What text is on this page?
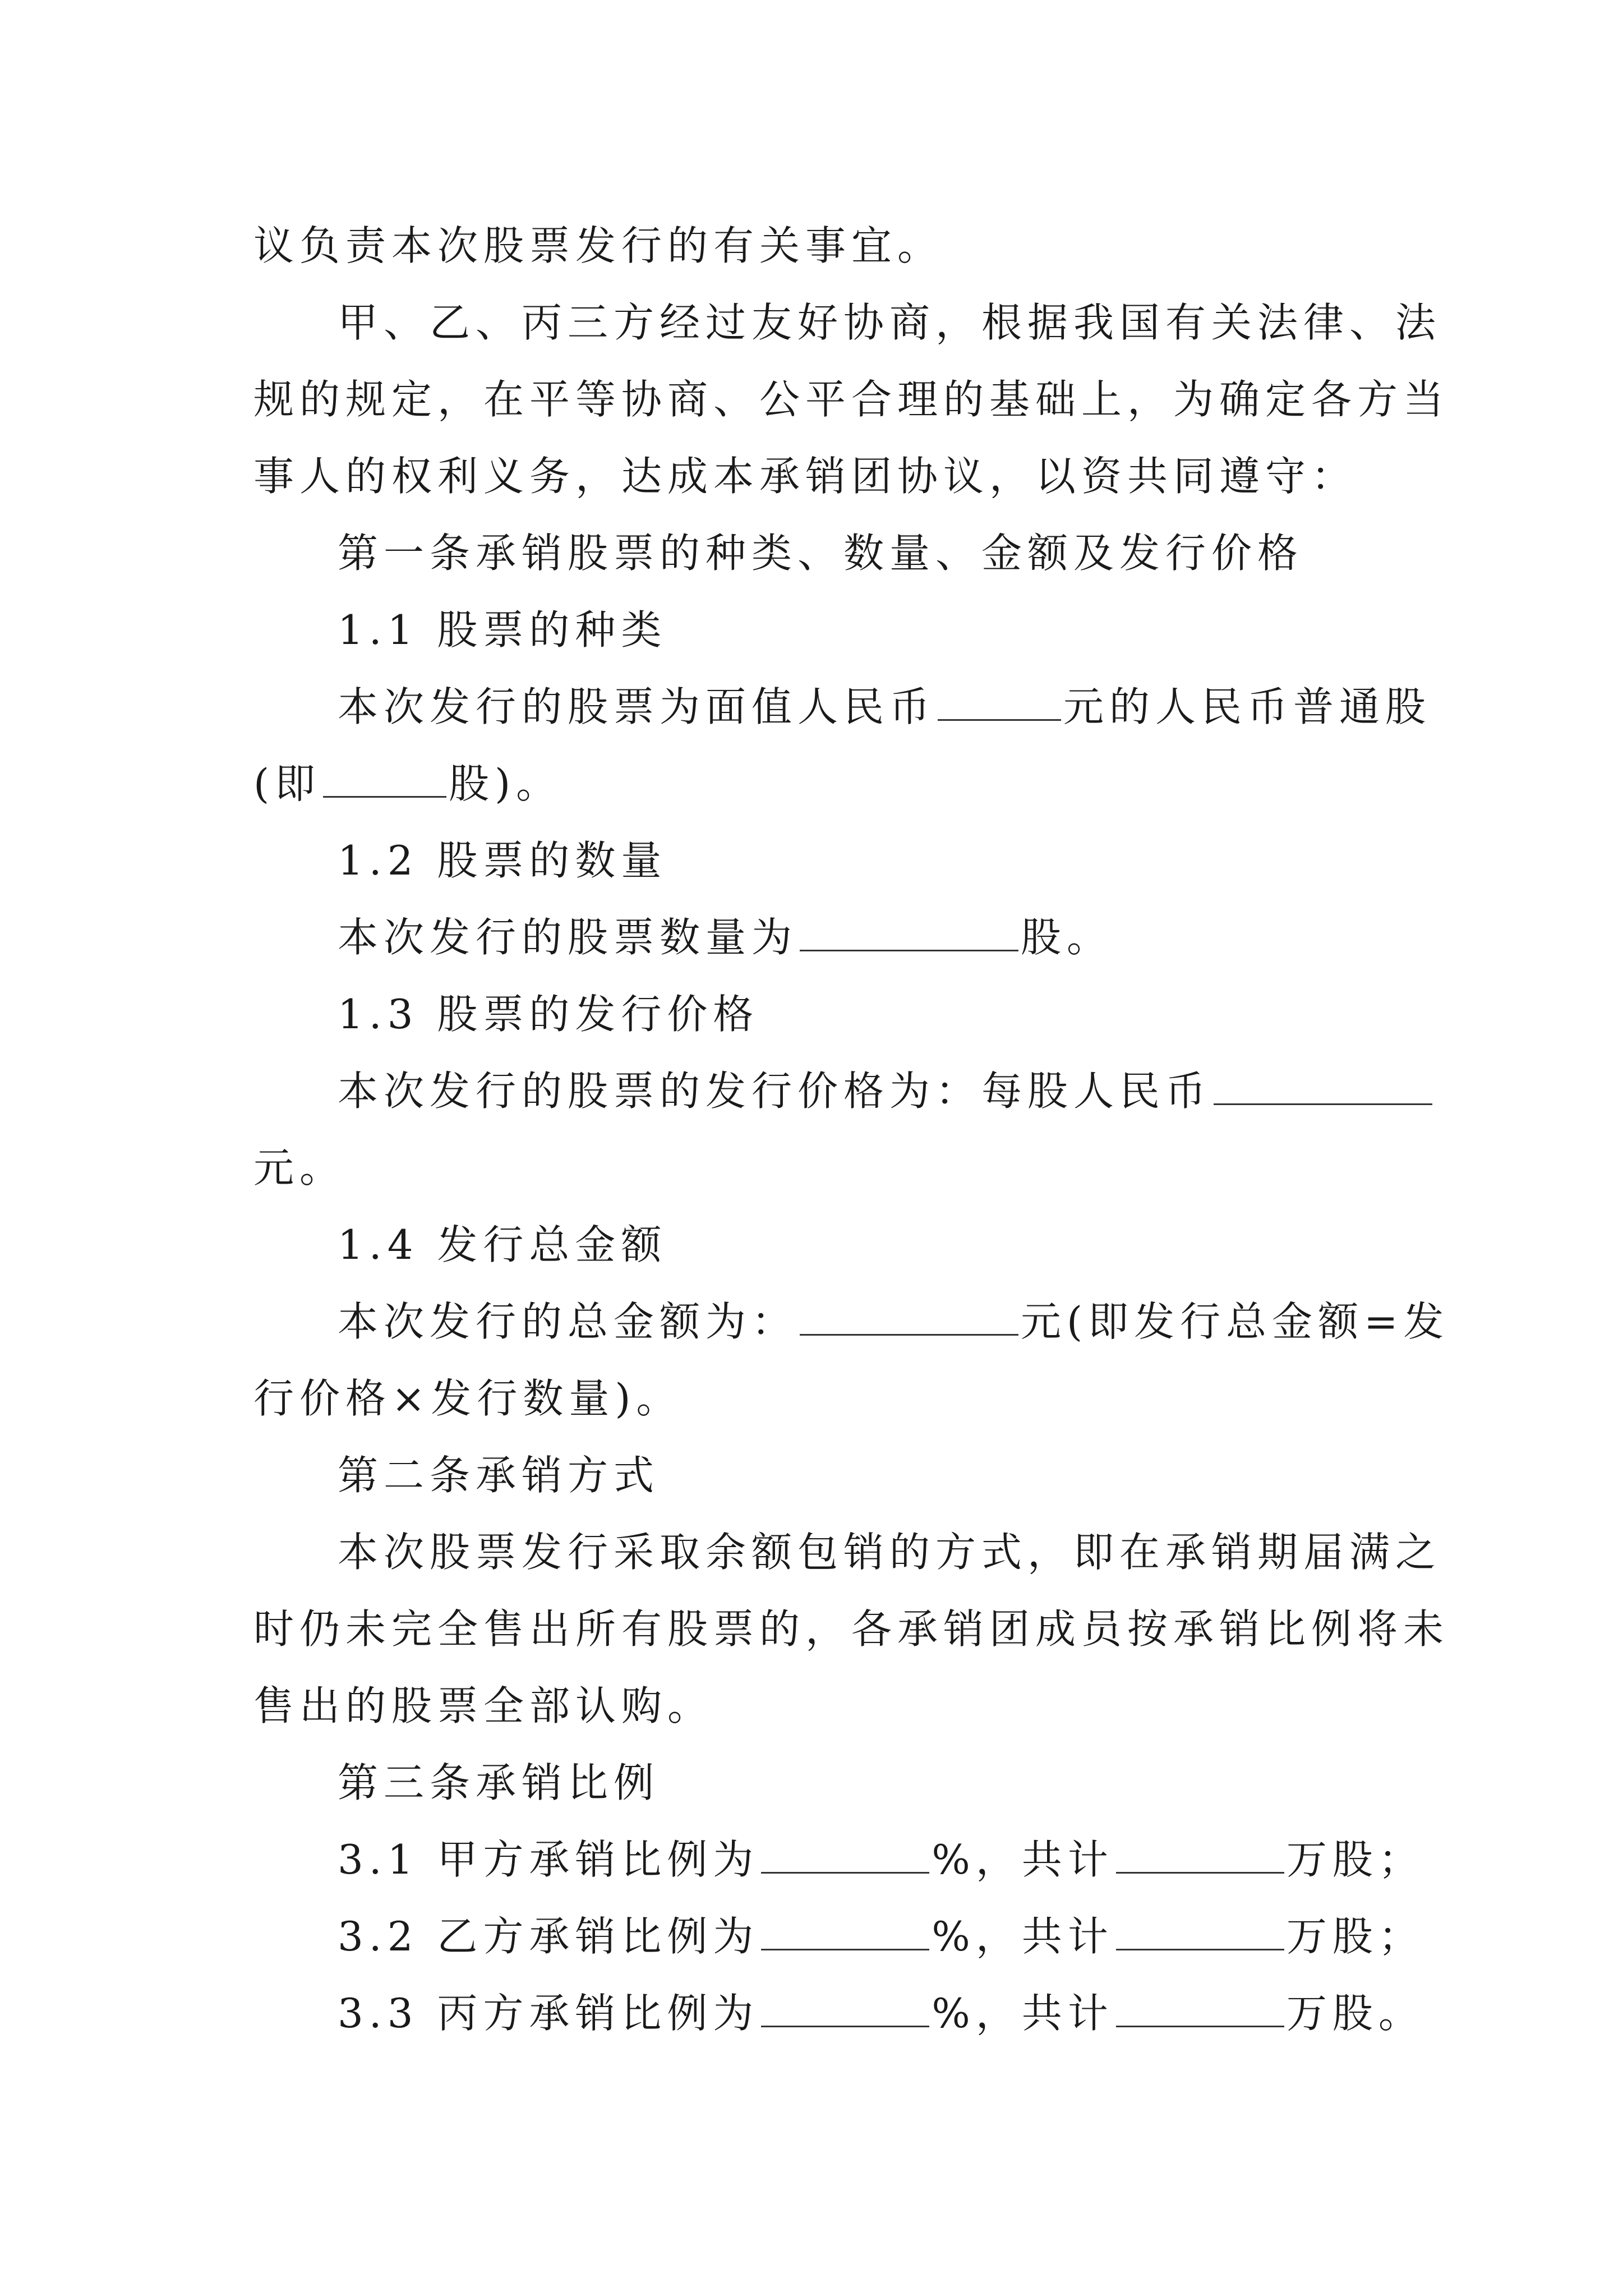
议负责本次股票发行的有关事宜。
甲、乙、丙三方经过友好协商，根据我国有关法律、法
规的规定，在平等协商、公平合理的基础上，为确定各方当
事人的权利义务，达成本承销团协议，以资共同遵守：
第一条承销股票的种类、数量、金额及发行价格
1.1 股票的种类
本次发行的股票为面值人民币	元的人民币普通股
(即	股)。
1.2 股票的数量
本次发行的股票数量为	股。
1.3 股票的发行价格
本次发行的股票的发行价格为：每股人民币
元。
1.4 发行总金额
本次发行的总金额为：	元(即发行总金额=发
行价格×发行数量)。
第二条承销方式
本次股票发行采取余额包销的方式，即在承销期届满之
时仍未完全售出所有股票的，各承销团成员按承销比例将未
售出的股票全部认购。
第三条承销比例
3.1 甲方承销比例为	%，共计	万股；
3.2 乙方承销比例为	%，共计	万股；
3.3 丙方承销比例为	%，共计	万股。
